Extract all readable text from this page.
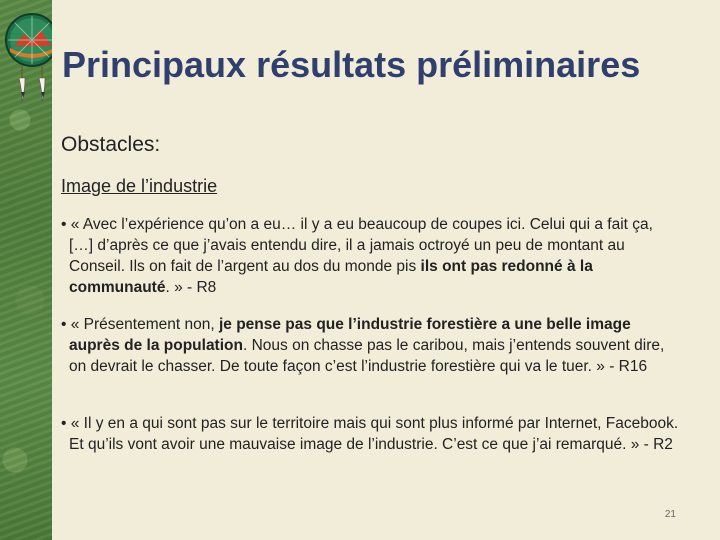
Principaux résultats préliminaires

Obstacles:

Image de l’industrie

• « Avec l’expérience qu’on a eu… il y a eu beaucoup de coupes ici. Celui qui a fait ça, […] d’après ce que j’avais entendu dire, il a jamais octroyé un peu de montant au Conseil. Ils on fait de l’argent au dos du monde pis ils ont pas redonné à la communauté. » - R8

• « Présentement non, je pense pas que l’industrie forestière a une belle image auprès de la population. Nous on chasse pas le caribou, mais j’entends souvent dire, on devrait le chasser. De toute façon c’est l’industrie forestière qui va le tuer. » - R16

• « Il y en a qui sont pas sur le territoire mais qui sont plus informé par Internet, Facebook. Et qu’ils vont avoir une mauvaise image de l’industrie. C’est ce que j’ai remarqué. » - R2

21
